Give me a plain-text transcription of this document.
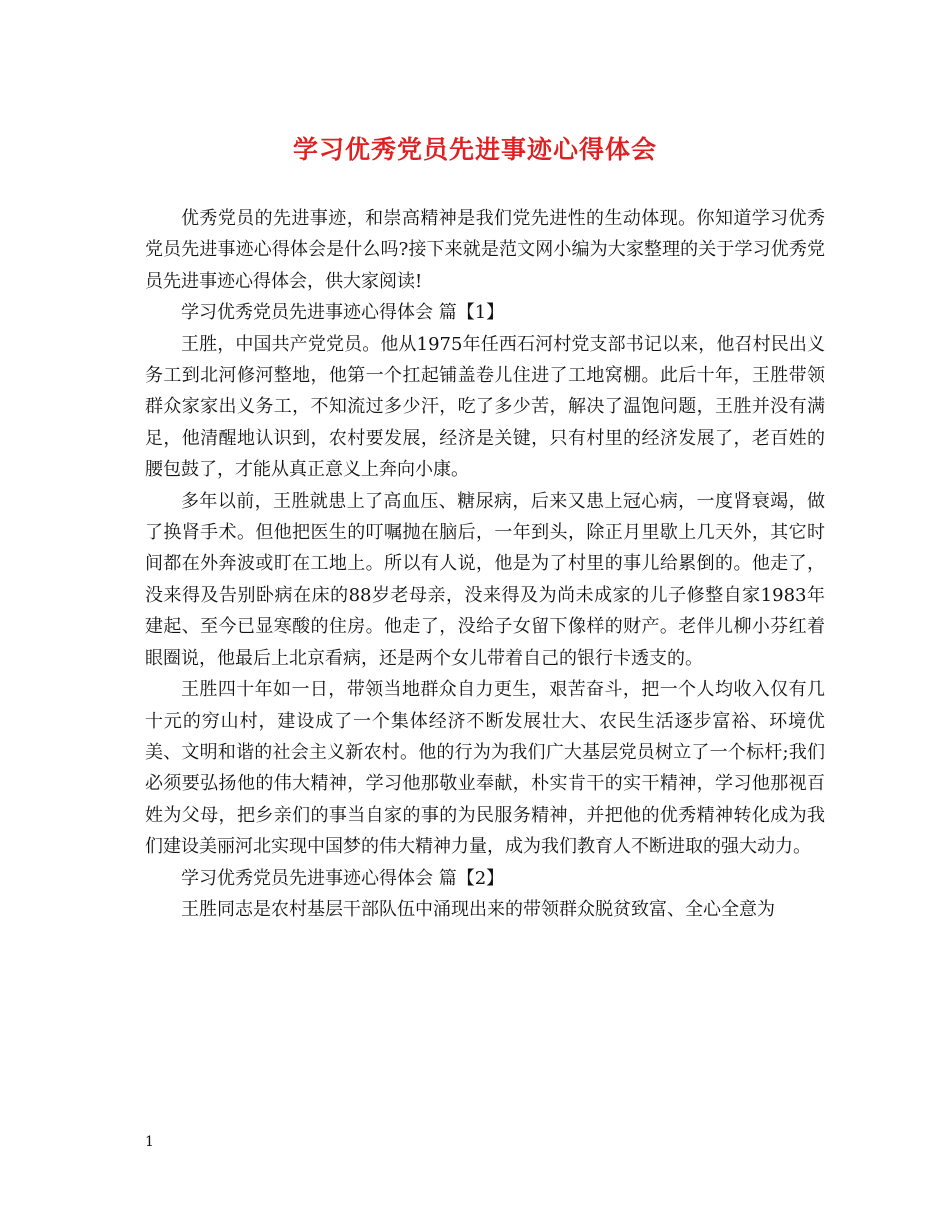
学习优秀党员先进事迹心得体会

优秀党员的先进事迹，和崇高精神是我们党先进性的生动体现。你知道学习优秀党员先进事迹心得体会是什么吗?接下来就是范文网小编为大家整理的关于学习优秀党员先进事迹心得体会，供大家阅读!

学习优秀党员先进事迹心得体会 篇【1】

王胜，中国共产党党员。他从1975年任西石河村党支部书记以来，他召村民出义务工到北河修河整地，他第一个扛起铺盖卷儿住进了工地窝棚。此后十年，王胜带领群众家家出义务工，不知流过多少汗，吃了多少苦，解决了温饱问题，王胜并没有满足，他清醒地认识到，农村要发展，经济是关键，只有村里的经济发展了，老百姓的腰包鼓了，才能从真正意义上奔向小康。

多年以前，王胜就患上了高血压、糖尿病，后来又患上冠心病，一度肾衰竭，做了换肾手术。但他把医生的叮嘱抛在脑后，一年到头，除正月里歇上几天外，其它时间都在外奔波或盯在工地上。所以有人说，他是为了村里的事儿给累倒的。他走了，没来得及告别卧病在床的88岁老母亲，没来得及为尚未成家的儿子修整自家1983年建起、至今已显寒酸的住房。他走了，没给子女留下像样的财产。老伴儿柳小芬红着眼圈说，他最后上北京看病，还是两个女儿带着自己的银行卡透支的。

王胜四十年如一日，带领当地群众自力更生，艰苦奋斗，把一个人均收入仅有几十元的穷山村，建设成了一个集体经济不断发展壮大、农民生活逐步富裕、环境优美、文明和谐的社会主义新农村。他的行为为我们广大基层党员树立了一个标杆;我们必须要弘扬他的伟大精神，学习他那敬业奉献，朴实肯干的实干精神，学习他那视百姓为父母，把乡亲们的事当自家的事的为民服务精神，并把他的优秀精神转化成为我们建设美丽河北实现中国梦的伟大精神力量，成为我们教育人不断进取的强大动力。

学习优秀党员先进事迹心得体会 篇【2】

王胜同志是农村基层干部队伍中涌现出来的带领群众脱贫致富、全心全意为

1
